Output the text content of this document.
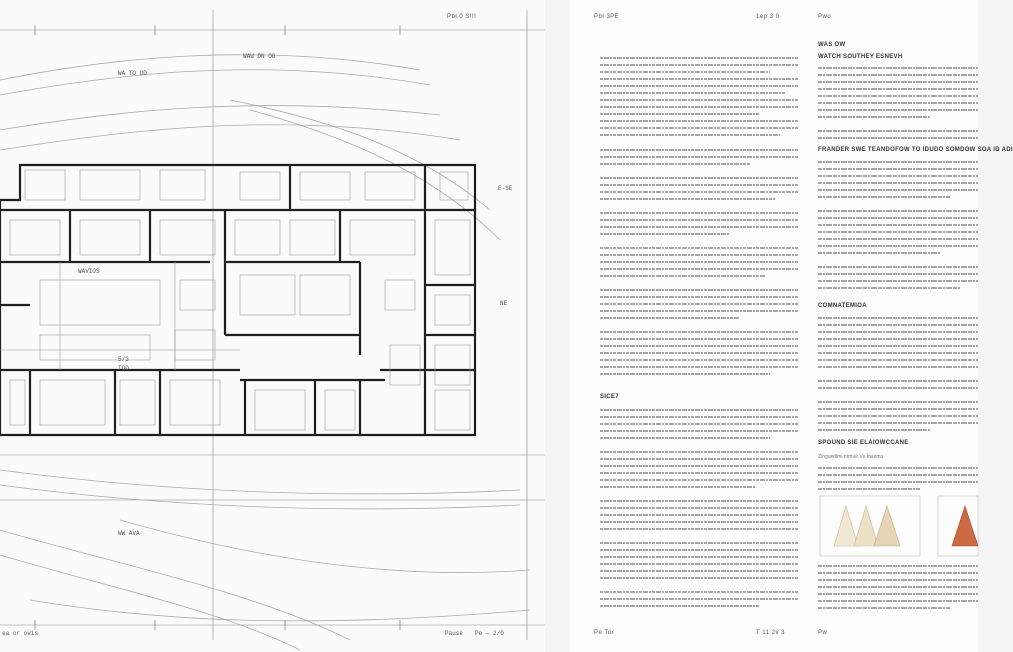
WAW ON OG
WA TO UD
WAVIOS
E-SE
NE
TOD
5/3
WW AVA
ea or ovis	Pause Pe — 2/0
Pbl 0 S!!!	Pbl 3PE	1ep 3 0	Pwo
WAS OW
WATCH SOUTHEY ESNEVH
FRANDER SWE TEANDOFOW TO IDUDO SOMDOW SOA ID ADI
COMNATEMIOA
SPOUND SIE ELAIOWCCANE
Zinguedimi nrmue Vs Inaomu
SICE7
Pe Tor	T 11 2v 3	Pw
